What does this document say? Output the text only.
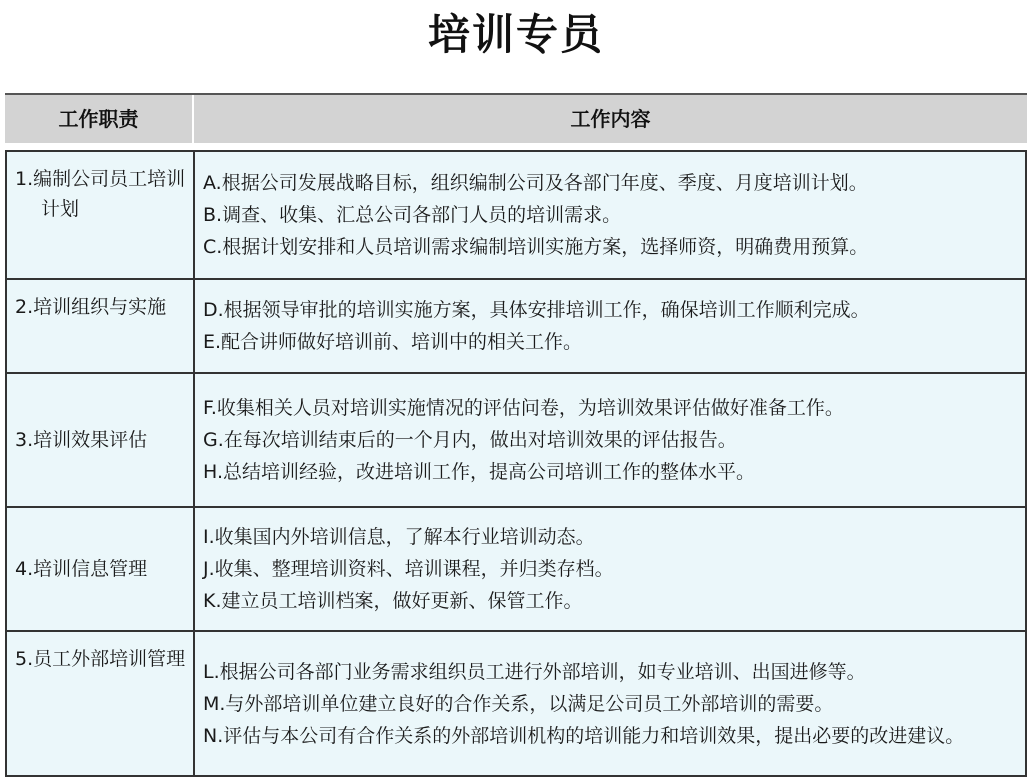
培训专员
工作职责	工作内容
1.编制公司员工培训计划
A.根据公司发展战略目标，组织编制公司及各部门年度、季度、月度培训计划。
B.调查、收集、汇总公司各部门人员的培训需求。
C.根据计划安排和人员培训需求编制培训实施方案，选择师资，明确费用预算。
2.培训组织与实施	D.根据领导审批的培训实施方案，具体安排培训工作，确保培训工作顺利完成。
E.配合讲师做好培训前、培训中的相关工作。
3.培训效果评估
F.收集相关人员对培训实施情况的评估问卷，为培训效果评估做好准备工作。
G.在每次培训结束后的一个月内，做出对培训效果的评估报告。
H.总结培训经验，改进培训工作，提高公司培训工作的整体水平。
4.培训信息管理
I.收集国内外培训信息，了解本行业培训动态。
J.收集、整理培训资料、培训课程，并归类存档。
K.建立员工培训档案，做好更新、保管工作。
5.员工外部培训管理
L.根据公司各部门业务需求组织员工进行外部培训，如专业培训、出国进修等。
M.与外部培训单位建立良好的合作关系，以满足公司员工外部培训的需要。
N.评估与本公司有合作关系的外部培训机构的培训能力和培训效果，提出必要的改进建议。
